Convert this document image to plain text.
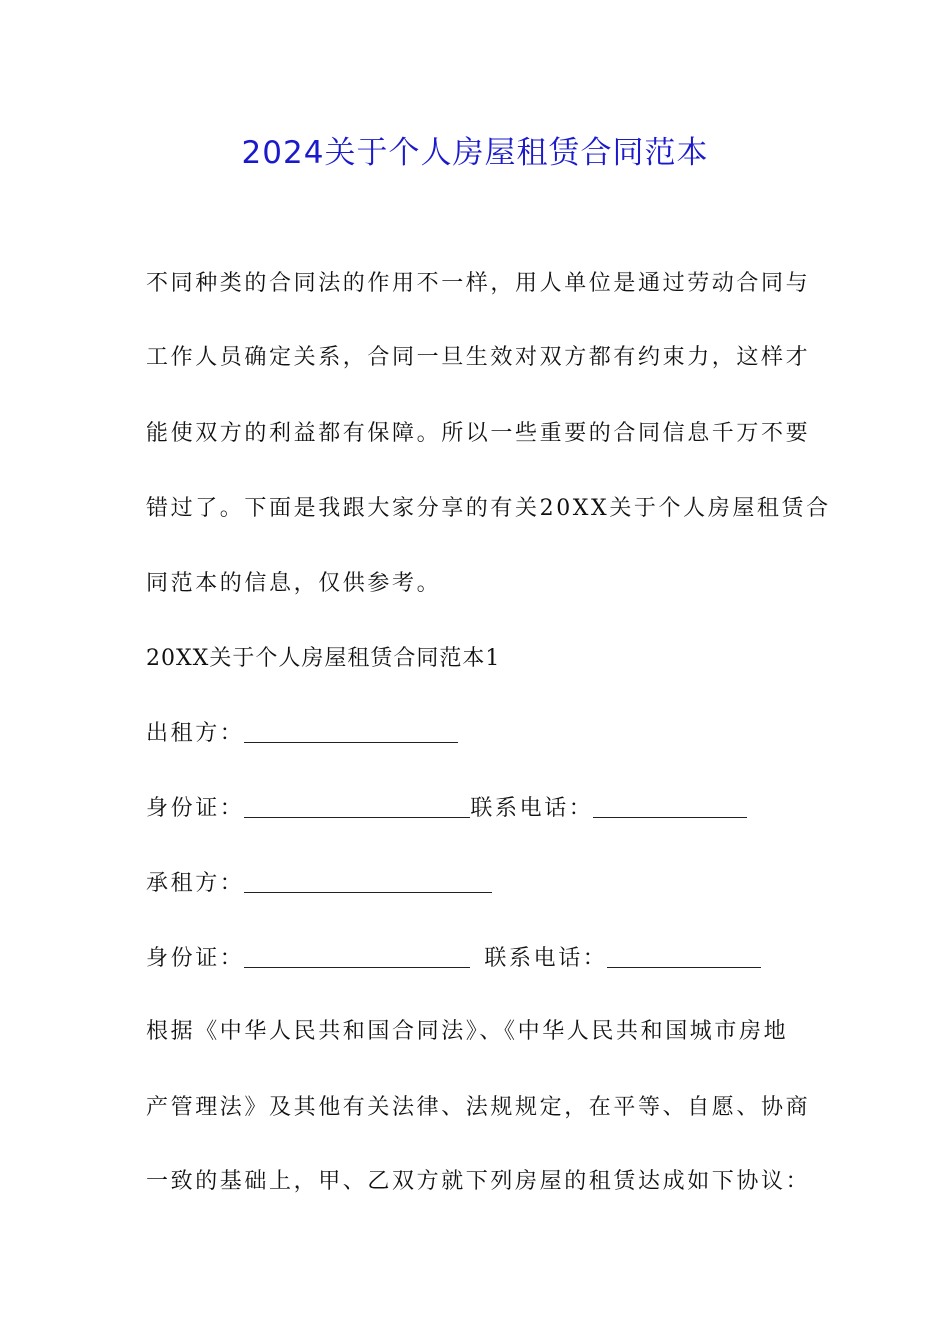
2024关于个人房屋租赁合同范本
不同种类的合同法的作用不一样，用人单位是通过劳动合同与
工作人员确定关系，合同一旦生效对双方都有约束力，这样才
能使双方的利益都有保障。所以一些重要的合同信息千万不要
错过了。下面是我跟大家分享的有关20XX关于个人房屋租赁合
同范本的信息，仅供参考。
20XX关于个人房屋租赁合同范本1
出租方：
身份证：	联系电话：
承租方：
身份证：	联系电话：
根据《中华人民共和国合同法》、《中华人民共和国城市房地
产管理法》及其他有关法律、法规规定，在平等、自愿、协商
一致的基础上，甲、乙双方就下列房屋的租赁达成如下协议：
